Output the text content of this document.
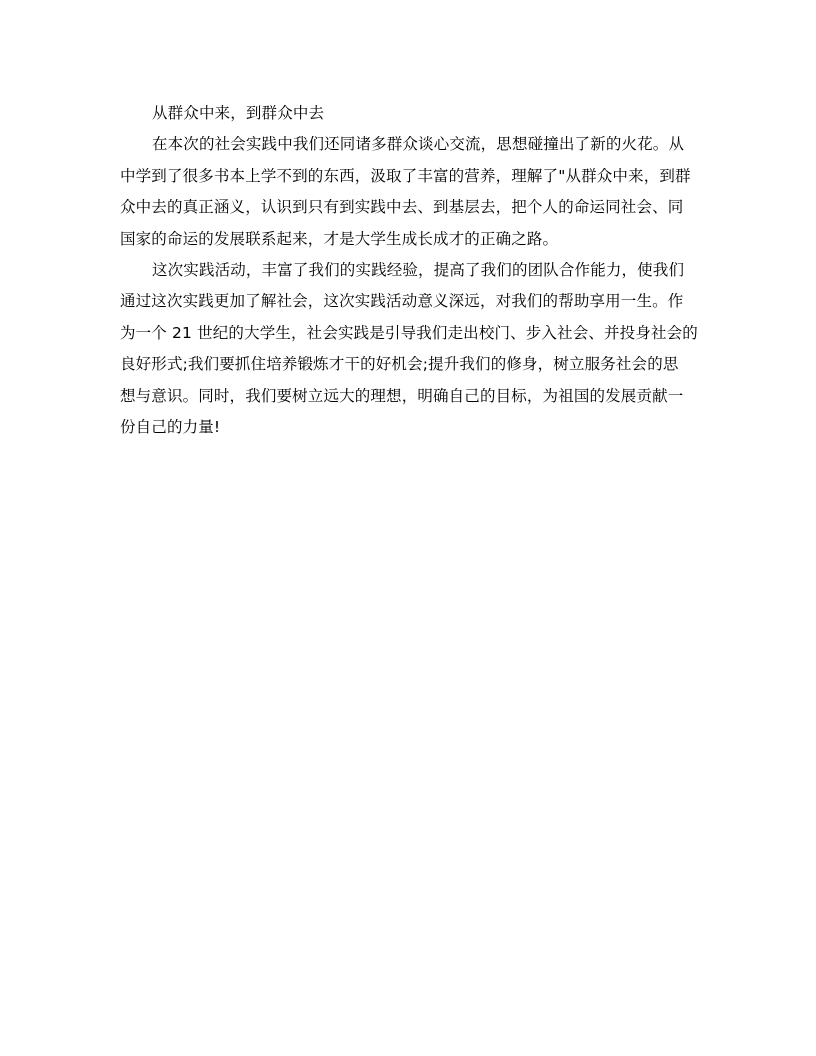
从群众中来，到群众中去
在本次的社会实践中我们还同诸多群众谈心交流，思想碰撞出了新的火花。从
中学到了很多书本上学不到的东西，汲取了丰富的营养，理解了"从群众中来，到群
众中去的真正涵义，认识到只有到实践中去、到基层去，把个人的命运同社会、同
国家的命运的发展联系起来，才是大学生成长成才的正确之路。
这次实践活动，丰富了我们的实践经验，提高了我们的团队合作能力，使我们
通过这次实践更加了解社会，这次实践活动意义深远，对我们的帮助享用一生。作
为一个 21 世纪的大学生，社会实践是引导我们走出校门、步入社会、并投身社会的
良好形式;我们要抓住培养锻炼才干的好机会;提升我们的修身，树立服务社会的思
想与意识。同时，我们要树立远大的理想，明确自己的目标，为祖国的发展贡献一
份自己的力量!
